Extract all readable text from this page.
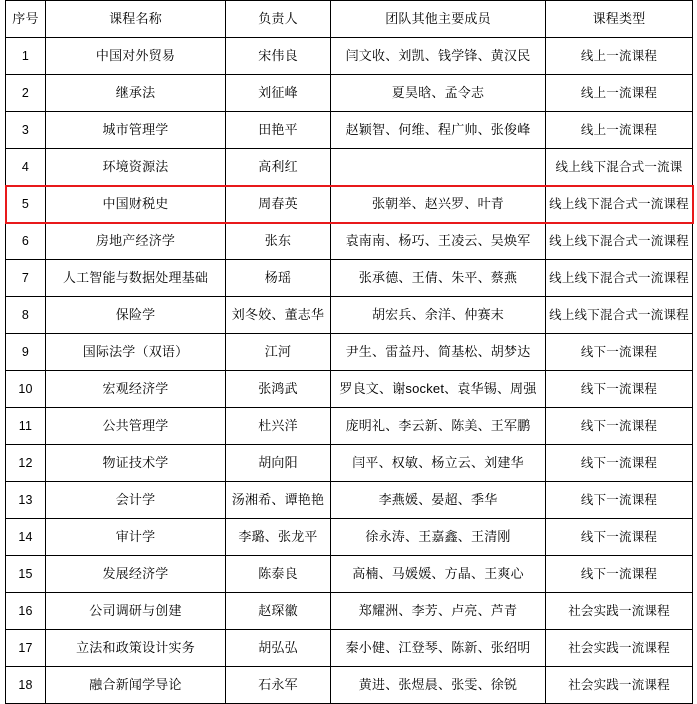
序号	课程名称	负责人	团队其他主要成员	课程类型
1	中国对外贸易	宋伟良	闫文收、刘凯、钱学锋、黄汉民	线上一流课程
2	继承法	刘征峰	夏昊晗、孟令志	线上一流课程
3	城市管理学	田艳平	赵颖智、何维、程广帅、张俊峰	线上一流课程
4	环境资源法	高利红		线上线下混合式一流课
5	中国财税史	周春英	张朝举、赵兴罗、叶青	线上线下混合式一流课程
6	房地产经济学	张东	袁南南、杨巧、王凌云、吴焕军	线上线下混合式一流课程
7	人工智能与数据处理基础	杨瑶	张承德、王倩、朱平、蔡燕	线上线下混合式一流课程
8	保险学	刘冬姣、董志华	胡宏兵、余洋、仲赛末	线上线下混合式一流课程
9	国际法学（双语）	江河	尹生、雷益丹、简基松、胡梦达	线下一流课程
10	宏观经济学	张鸿武	罗良文、谢socket、袁华锡、周强	线下一流课程
11	公共管理学	杜兴洋	庞明礼、李云新、陈美、王军鹏	线下一流课程
12	物证技术学	胡向阳	闫平、权敏、杨立云、刘建华	线下一流课程
13	会计学	汤湘希、谭艳艳	李燕媛、晏超、季华	线下一流课程
14	审计学	李璐、张龙平	徐永涛、王嘉鑫、王清刚	线下一流课程
15	发展经济学	陈泰良	高楠、马媛媛、方晶、王爽心	线下一流课程
16	公司调研与创建	赵琛徽	郑耀洲、李芳、卢亮、芦青	社会实践一流课程
17	立法和政策设计实务	胡弘弘	秦小健、江登琴、陈新、张绍明	社会实践一流课程
18	融合新闻学导论	石永军	黄进、张煜晨、张雯、徐锐	社会实践一流课程
